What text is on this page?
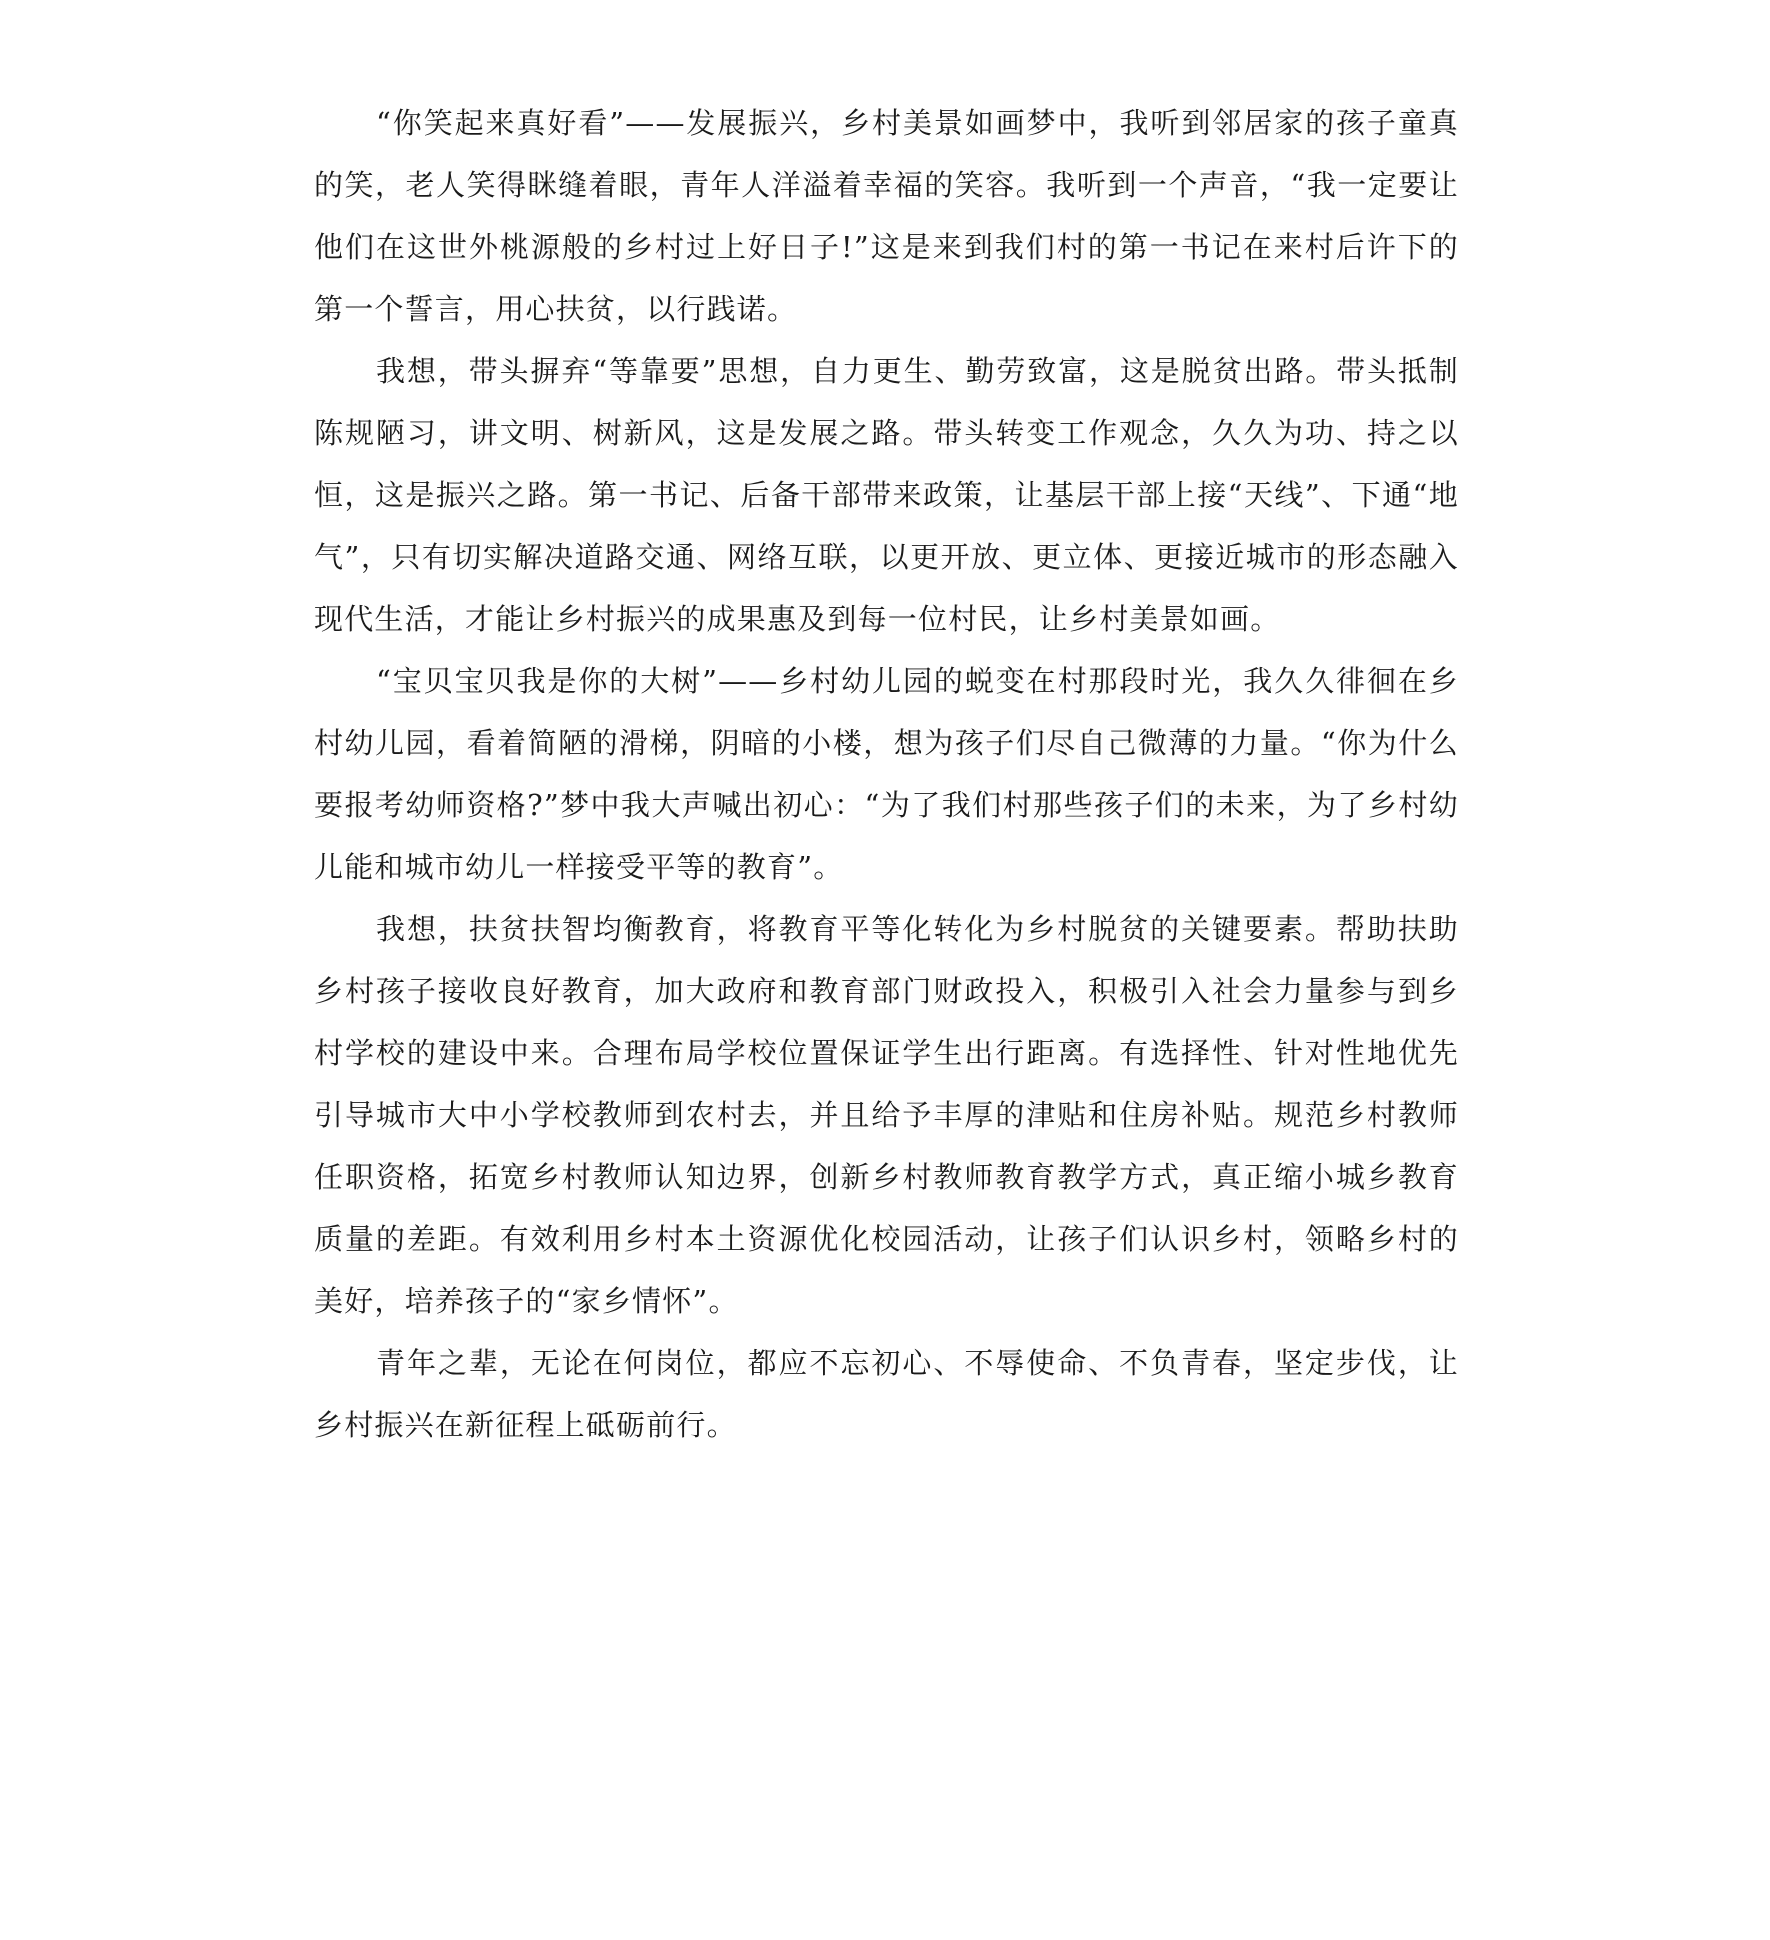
“你笑起来真好看”——发展振兴，乡村美景如画梦中，我听到邻居家的孩子童真的笑，老人笑得眯缝着眼，青年人洋溢着幸福的笑容。我听到一个声音，“我一定要让他们在这世外桃源般的乡村过上好日子!”这是来到我们村的第一书记在来村后许下的第一个誓言，用心扶贫，以行践诺。

我想，带头摒弃“等靠要”思想，自力更生、勤劳致富，这是脱贫出路。带头抵制陈规陋习，讲文明、树新风，这是发展之路。带头转变工作观念，久久为功、持之以恒，这是振兴之路。第一书记、后备干部带来政策，让基层干部上接“天线”、下通“地气”，只有切实解决道路交通、网络互联，以更开放、更立体、更接近城市的形态融入现代生活，才能让乡村振兴的成果惠及到每一位村民，让乡村美景如画。

“宝贝宝贝我是你的大树”——乡村幼儿园的蜕变在村那段时光，我久久徘徊在乡村幼儿园，看着简陋的滑梯，阴暗的小楼，想为孩子们尽自己微薄的力量。“你为什么要报考幼师资格?”梦中我大声喊出初心：“为了我们村那些孩子们的未来，为了乡村幼儿能和城市幼儿一样接受平等的教育”。

我想，扶贫扶智均衡教育，将教育平等化转化为乡村脱贫的关键要素。帮助扶助乡村孩子接收良好教育，加大政府和教育部门财政投入，积极引入社会力量参与到乡村学校的建设中来。合理布局学校位置保证学生出行距离。有选择性、针对性地优先引导城市大中小学校教师到农村去，并且给予丰厚的津贴和住房补贴。规范乡村教师任职资格，拓宽乡村教师认知边界，创新乡村教师教育教学方式，真正缩小城乡教育质量的差距。有效利用乡村本土资源优化校园活动，让孩子们认识乡村，领略乡村的美好，培养孩子的“家乡情怀”。

青年之辈，无论在何岗位，都应不忘初心、不辱使命、不负青春，坚定步伐，让乡村振兴在新征程上砥砺前行。
